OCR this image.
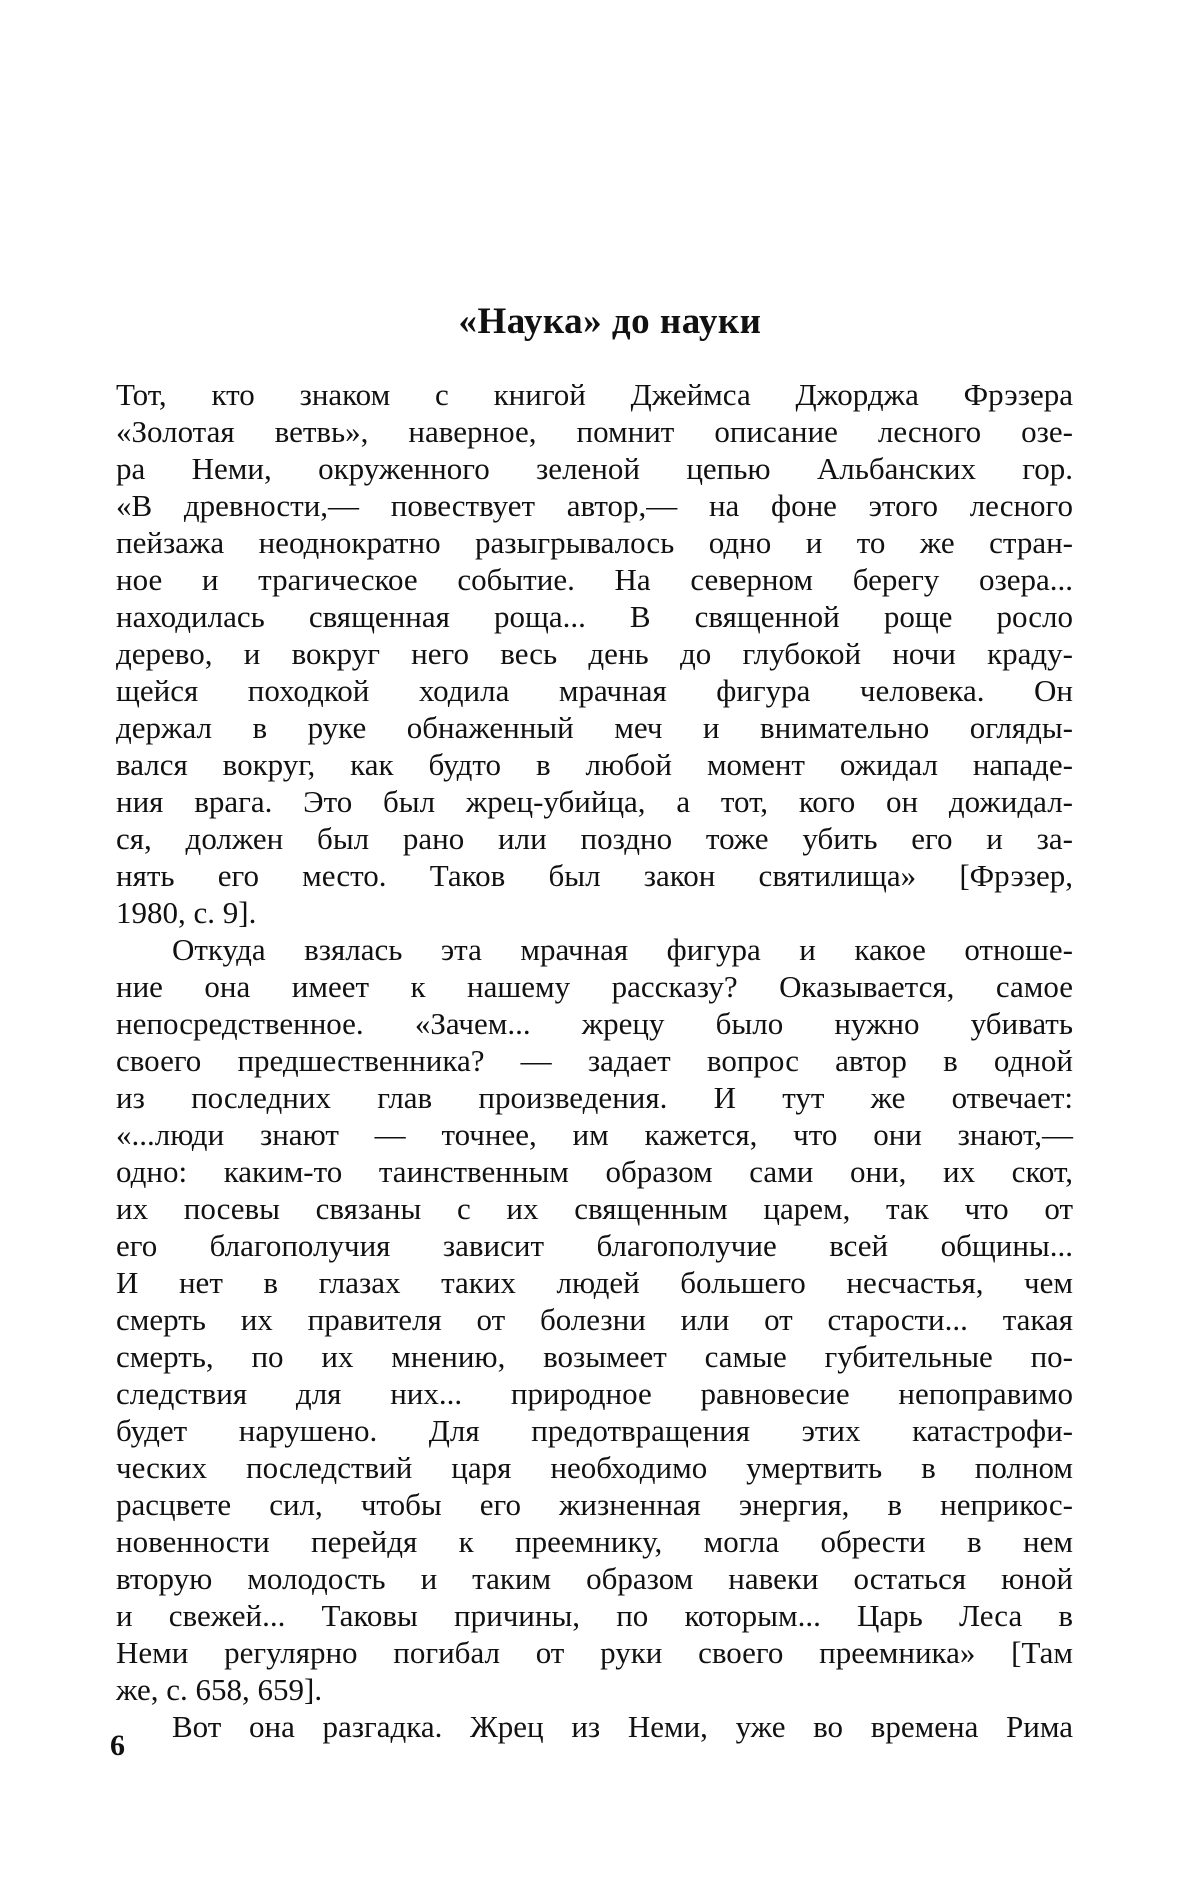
«Наука» до науки
Тот, кто знаком с книгой Джеймса Джорджа Фрэзера
«Золотая ветвь», наверное, помнит описание лесного озе-
ра Неми, окруженного зеленой цепью Альбанских гор.
«В древности,— повествует автор,— на фоне этого лесного
пейзажа неоднократно разыгрывалось одно и то же стран-
ное и трагическое событие. На северном берегу озера...
находилась священная роща... В священной роще росло
дерево, и вокруг него весь день до глубокой ночи краду-
щейся походкой ходила мрачная фигура человека. Он
держал в руке обнаженный меч и внимательно огляды-
вался вокруг, как будто в любой момент ожидал нападе-
ния врага. Это был жрец-убийца, а тот, кого он дожидал-
ся, должен был рано или поздно тоже убить его и за-
нять его место. Таков был закон святилища» [Фрэзер,
1980, с. 9].
Откуда взялась эта мрачная фигура и какое отноше-
ние она имеет к нашему рассказу? Оказывается, самое
непосредственное. «Зачем... жрецу было нужно убивать
своего предшественника? — задает вопрос автор в одной
из последних глав произведения. И тут же отвечает:
«...люди знают — точнее, им кажется, что они знают,—
одно: каким-то таинственным образом сами они, их скот,
их посевы связаны с их священным царем, так что от
его благополучия зависит благополучие всей общины...
И нет в глазах таких людей большего несчастья, чем
смерть их правителя от болезни или от старости... такая
смерть, по их мнению, возымеет самые губительные по-
следствия для них... природное равновесие непоправимо
будет нарушено. Для предотвращения этих катастрофи-
ческих последствий царя необходимо умертвить в полном
расцвете сил, чтобы его жизненная энергия, в неприкос-
новенности перейдя к преемнику, могла обрести в нем
вторую молодость и таким образом навеки остаться юной
и свежей... Таковы причины, по которым... Царь Леса в
Неми регулярно погибал от руки своего преемника» [Там
же, с. 658, 659].
Вот она разгадка. Жрец из Неми, уже во времена Рима
6
